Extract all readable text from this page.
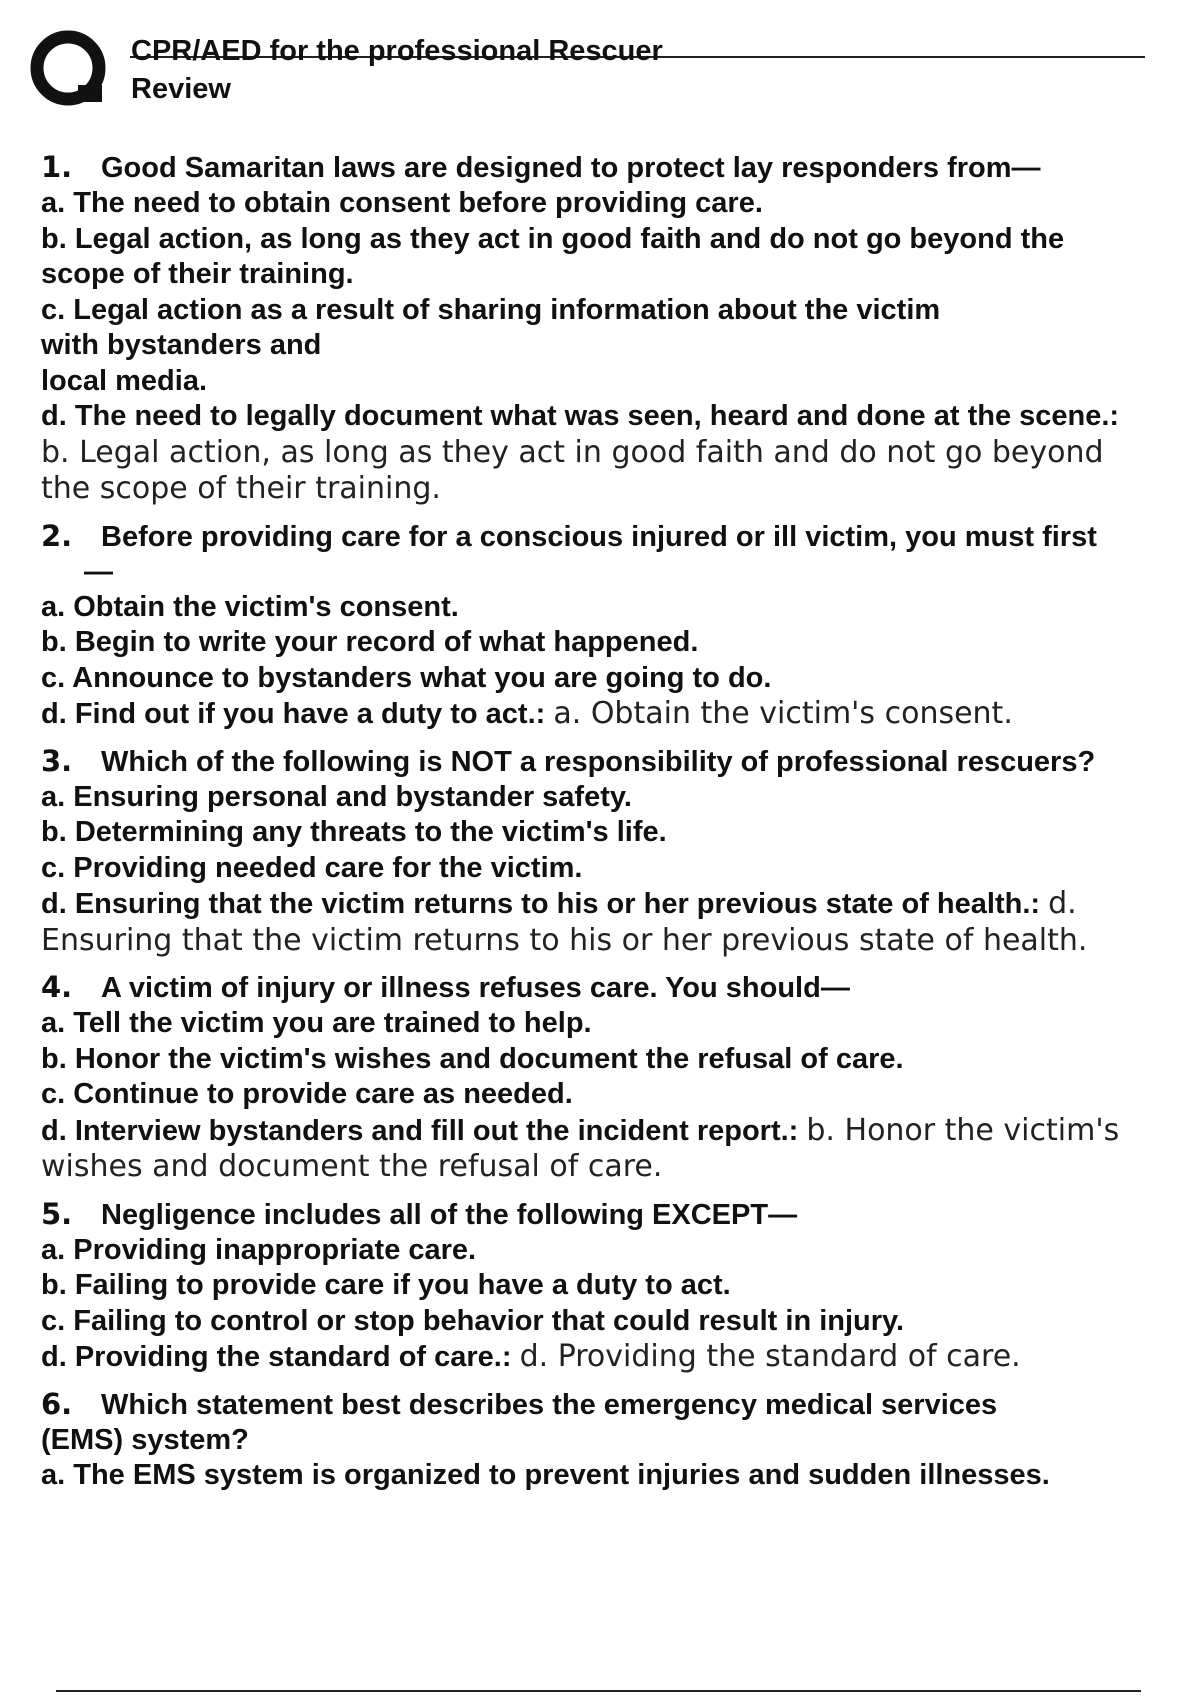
CPR/AED for the professional Rescuer
Review
1. Good Samaritan laws are designed to protect lay responders from—
a. The need to obtain consent before providing care.
b. Legal action, as long as they act in good faith and do not go beyond the scope of their training.
c. Legal action as a result of sharing information about the victim
with bystanders and
local media.
d. The need to legally document what was seen, heard and done at the scene.: b. Legal action, as long as they act in good faith and do not go beyond the scope of their training.
2. Before providing care for a conscious injured or ill victim, you must first
—
a. Obtain the victim's consent.
b. Begin to write your record of what happened.
c. Announce to bystanders what you are going to do.
d. Find out if you have a duty to act.: a. Obtain the victim's consent.
3. Which of the following is NOT a responsibility of professional rescuers?
a. Ensuring personal and bystander safety.
b. Determining any threats to the victim's life.
c. Providing needed care for the victim.
d. Ensuring that the victim returns to his or her previous state of health.: d. Ensuring that the victim returns to his or her previous state of health.
4. A victim of injury or illness refuses care. You should—
a. Tell the victim you are trained to help.
b. Honor the victim's wishes and document the refusal of care.
c. Continue to provide care as needed.
d. Interview bystanders and fill out the incident report.: b. Honor the victim's wishes and document the refusal of care.
5. Negligence includes all of the following EXCEPT—
a. Providing inappropriate care.
b. Failing to provide care if you have a duty to act.
c. Failing to control or stop behavior that could result in injury.
d. Providing the standard of care.: d. Providing the standard of care.
6. Which statement best describes the emergency medical services
(EMS) system?
a. The EMS system is organized to prevent injuries and sudden illnesses.
